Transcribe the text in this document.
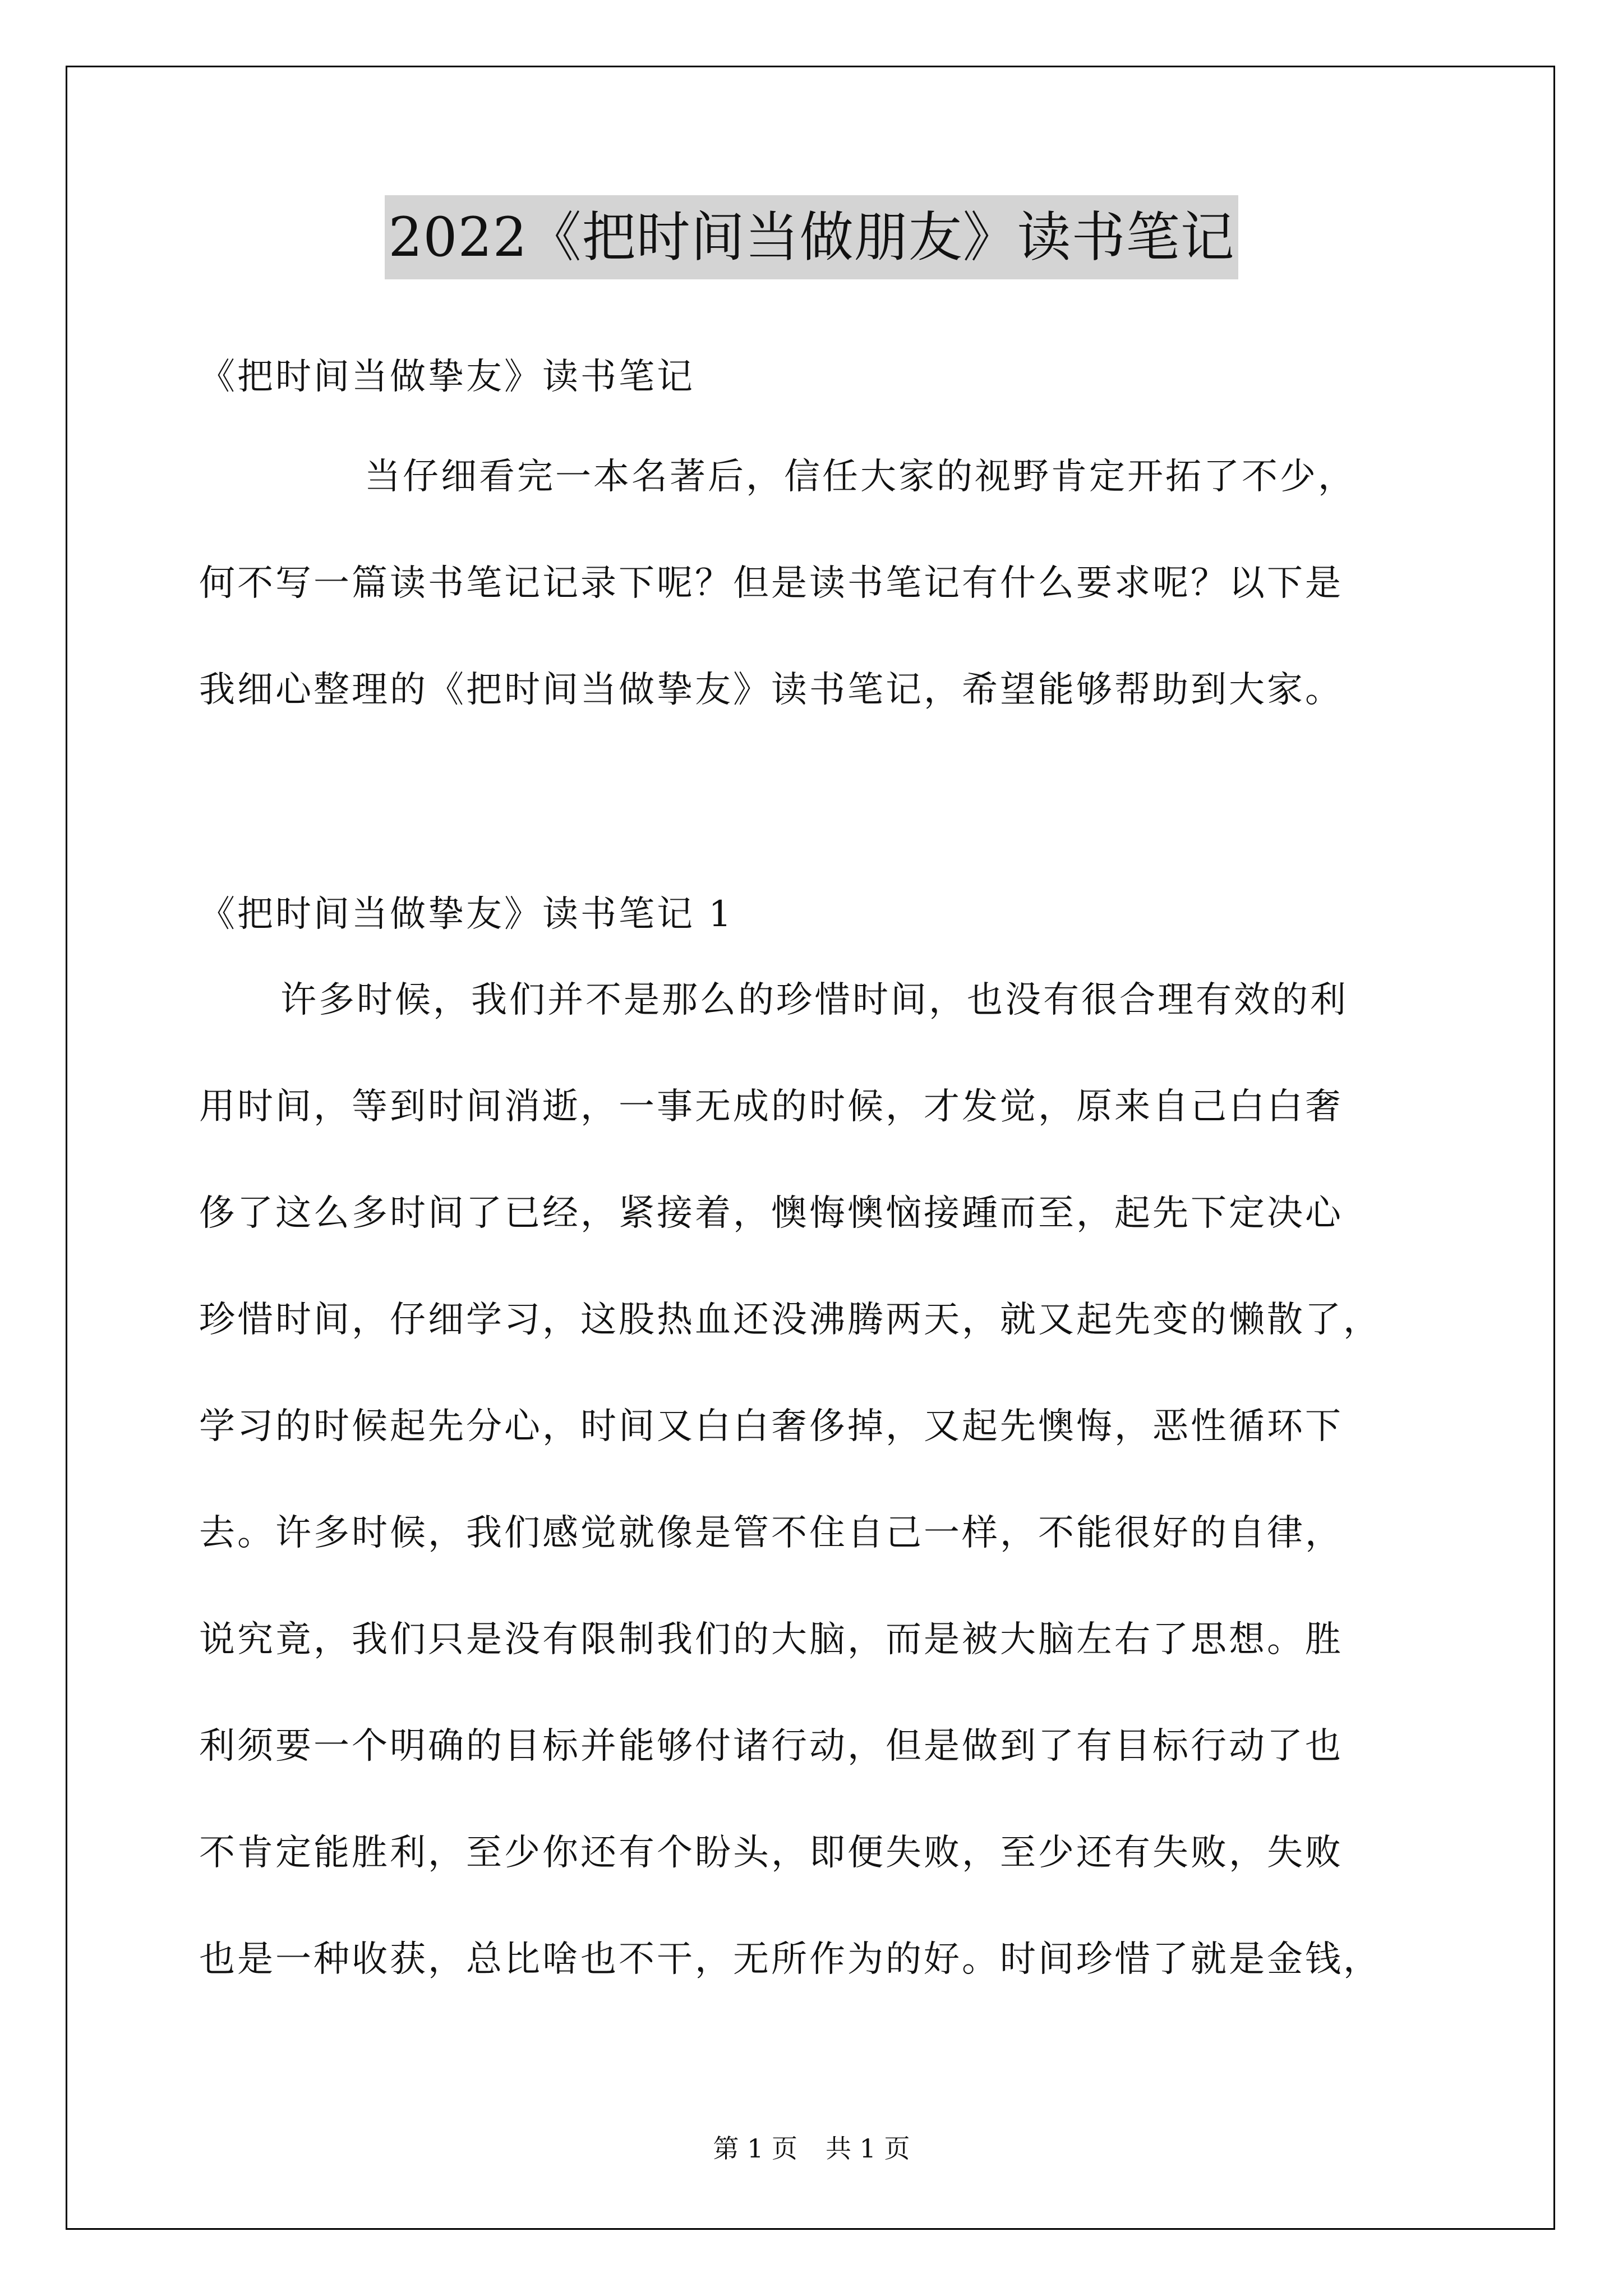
2022《把时间当做朋友》读书笔记
《把时间当做挚友》读书笔记
当仔细看完一本名著后，信任大家的视野肯定开拓了不少，
何不写一篇读书笔记记录下呢？但是读书笔记有什么要求呢？以下是
我细心整理的《把时间当做挚友》读书笔记，希望能够帮助到大家。
《把时间当做挚友》读书笔记 1
许多时候，我们并不是那么的珍惜时间，也没有很合理有效的利
用时间，等到时间消逝，一事无成的时候，才发觉，原来自己白白奢
侈了这么多时间了已经，紧接着，懊悔懊恼接踵而至，起先下定决心
珍惜时间，仔细学习，这股热血还没沸腾两天，就又起先变的懒散了，
学习的时候起先分心，时间又白白奢侈掉，又起先懊悔，恶性循环下
去。许多时候，我们感觉就像是管不住自己一样，不能很好的自律，
说究竟，我们只是没有限制我们的大脑，而是被大脑左右了思想。胜
利须要一个明确的目标并能够付诸行动，但是做到了有目标行动了也
不肯定能胜利，至少你还有个盼头，即便失败，至少还有失败，失败
也是一种收获，总比啥也不干，无所作为的好。时间珍惜了就是金钱，
第 1 页 共 1 页
